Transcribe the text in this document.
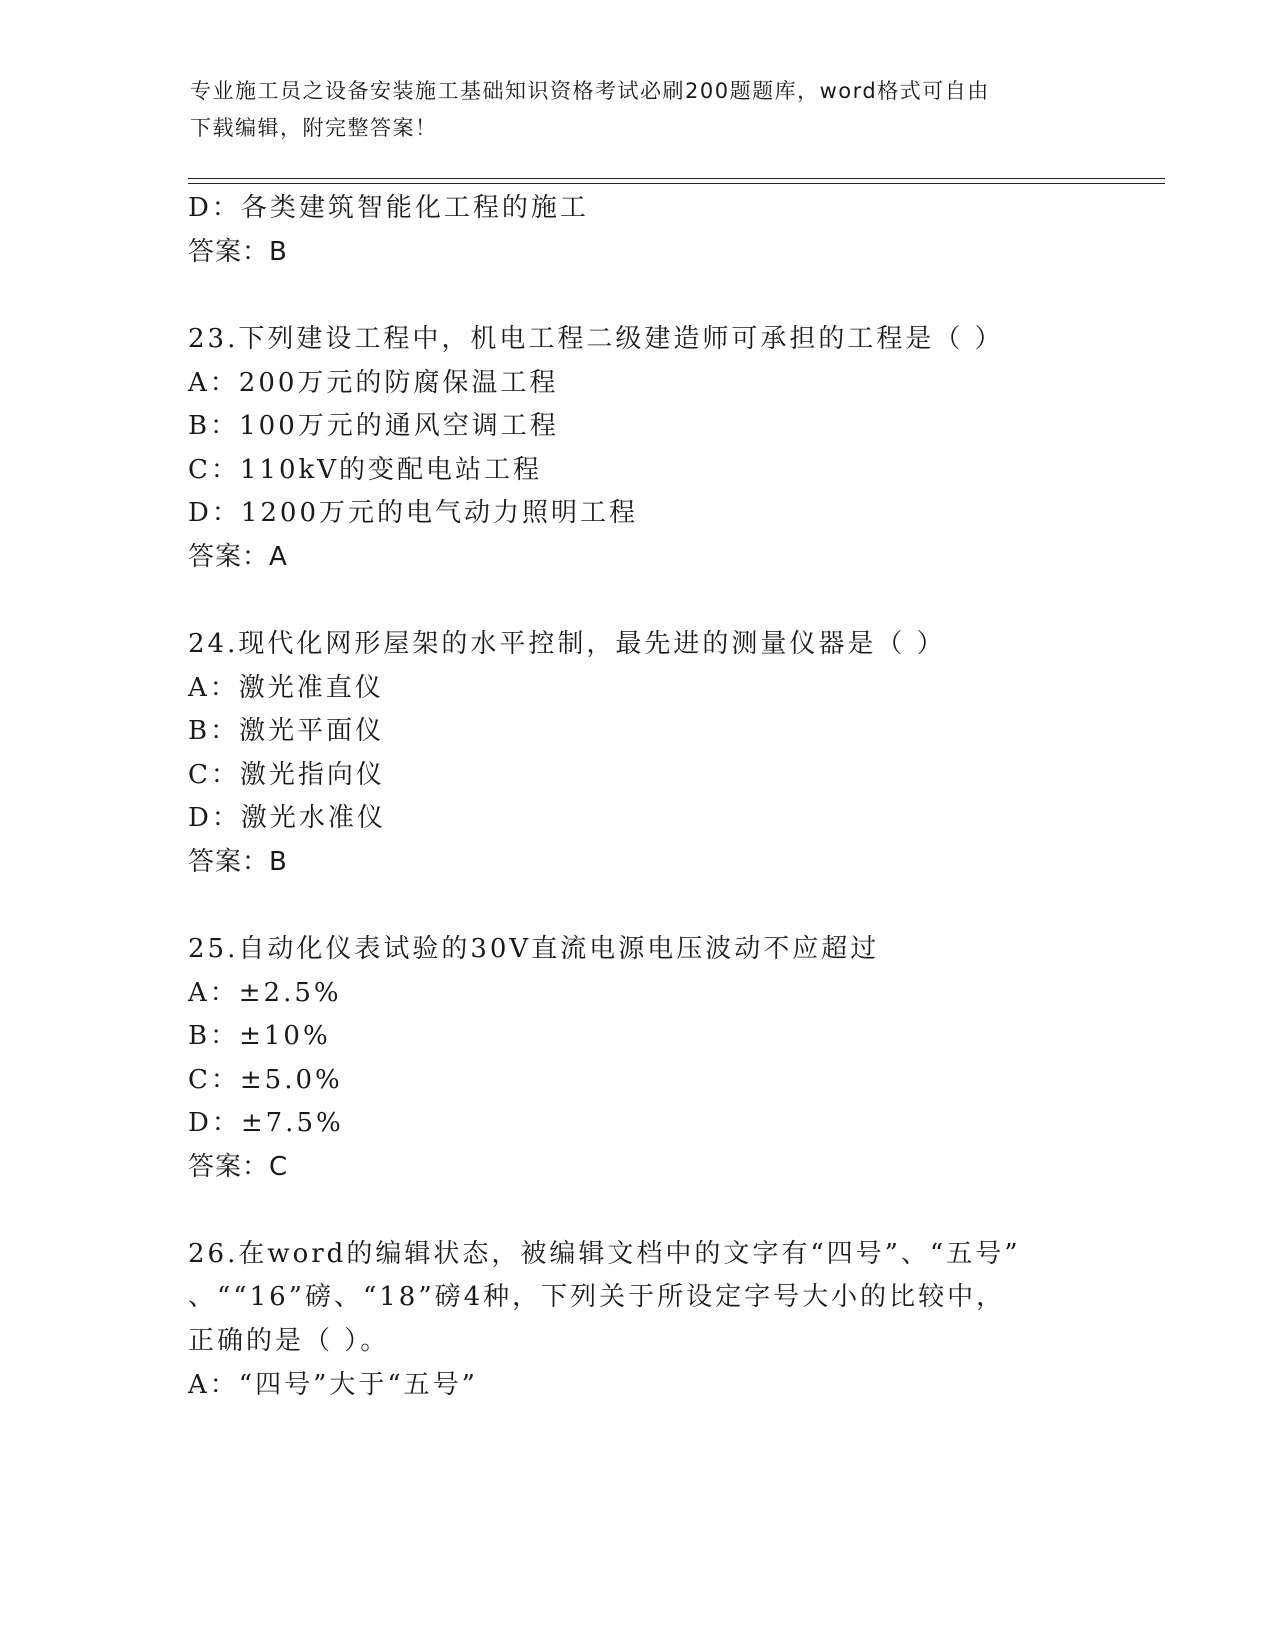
专业施工员之设备安装施工基础知识资格考试必刷200题题库，word格式可自由
下载编辑，附完整答案！
D：各类建筑智能化工程的施工
答案：B
23.下列建设工程中，机电工程二级建造师可承担的工程是（ ）
A：200万元的防腐保温工程
B：100万元的通风空调工程
C：110kV的变配电站工程
D：1200万元的电气动力照明工程
答案：A
24.现代化网形屋架的水平控制，最先进的测量仪器是（ ）
A：激光准直仪
B：激光平面仪
C：激光指向仪
D：激光水准仪
答案：B
25.自动化仪表试验的30V直流电源电压波动不应超过
A：±2.5%
B：±10%
C：±5.0%
D：±7.5%
答案：C
26.在word的编辑状态，被编辑文档中的文字有“四号”、“五号”
、““16”磅、“18”磅4种，下列关于所设定字号大小的比较中，
正确的是（ ）。
A：“四号”大于“五号”
